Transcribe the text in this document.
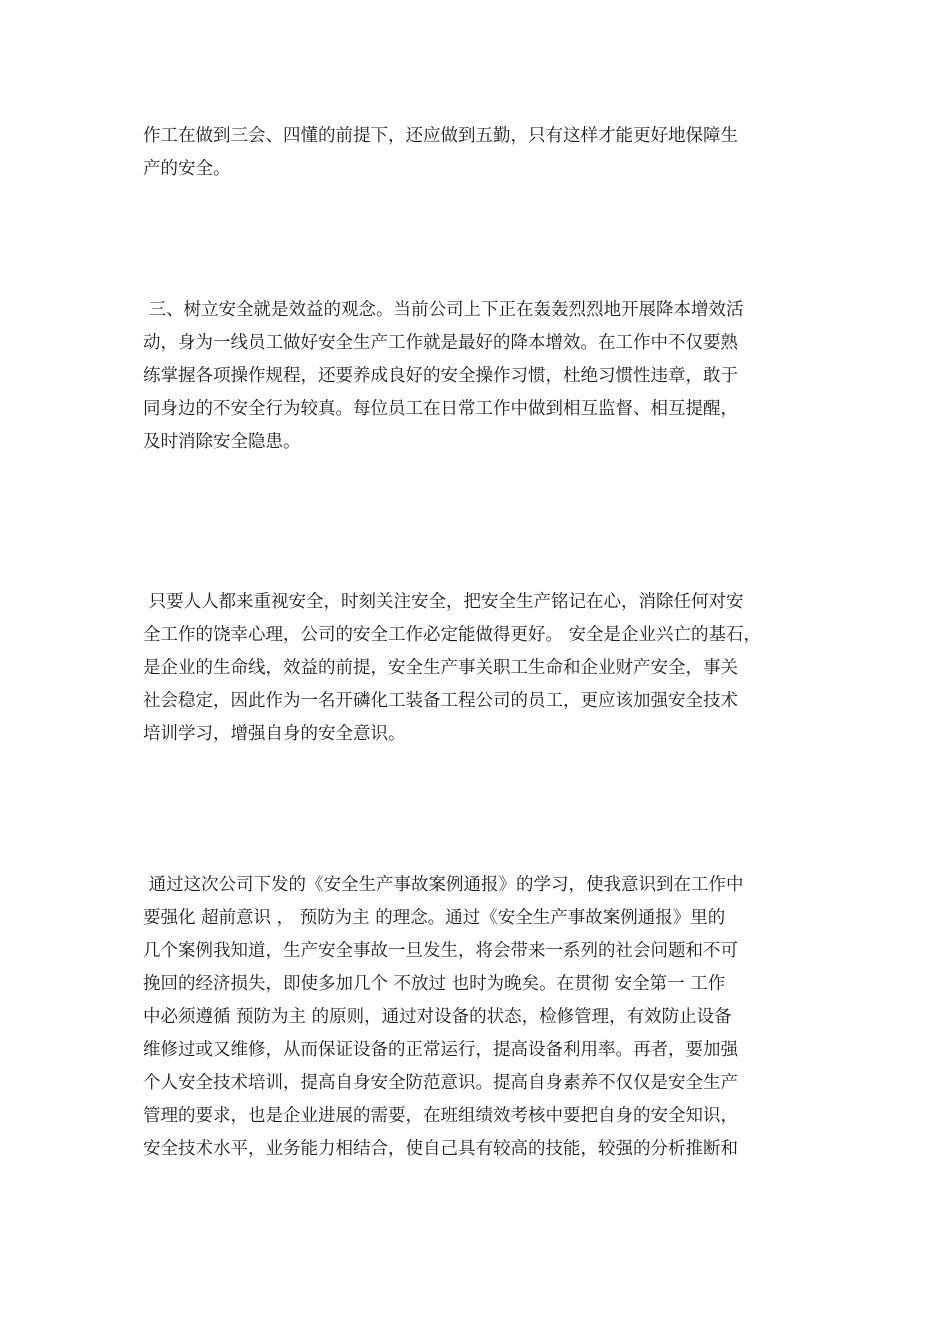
作工在做到三会、四懂的前提下，还应做到五勤，只有这样才能更好地保障生
产的安全。
三、树立安全就是效益的观念。当前公司上下正在轰轰烈烈地开展降本增效活
动，身为一线员工做好安全生产工作就是最好的降本增效。在工作中不仅要熟
练掌握各项操作规程，还要养成良好的安全操作习惯，杜绝习惯性违章，敢于
同身边的不安全行为较真。每位员工在日常工作中做到相互监督、相互提醒，
及时消除安全隐患。
只要人人都来重视安全，时刻关注安全，把安全生产铭记在心，消除任何对安
全工作的饶幸心理，公司的安全工作必定能做得更好。 安全是企业兴亡的基石，
是企业的生命线，效益的前提，安全生产事关职工生命和企业财产安全，事关
社会稳定，因此作为一名开磷化工装备工程公司的员工，更应该加强安全技术
培训学习，增强自身的安全意识。
通过这次公司下发的《安全生产事故案例通报》的学习，使我意识到在工作中
要强化 超前意识 ， 预防为主 的理念。通过《安全生产事故案例通报》里的
几个案例我知道，生产安全事故一旦发生，将会带来一系列的社会问题和不可
挽回的经济损失，即使多加几个 不放过 也时为晚矣。在贯彻 安全第一 工作
中必须遵循 预防为主 的原则，通过对设备的状态，检修管理，有效防止设备
维修过或又维修，从而保证设备的正常运行，提高设备利用率。再者，要加强
个人安全技术培训，提高自身安全防范意识。提高自身素养不仅仅是安全生产
管理的要求，也是企业进展的需要，在班组绩效考核中要把自身的安全知识，
安全技术水平，业务能力相结合，使自己具有较高的技能，较强的分析推断和
